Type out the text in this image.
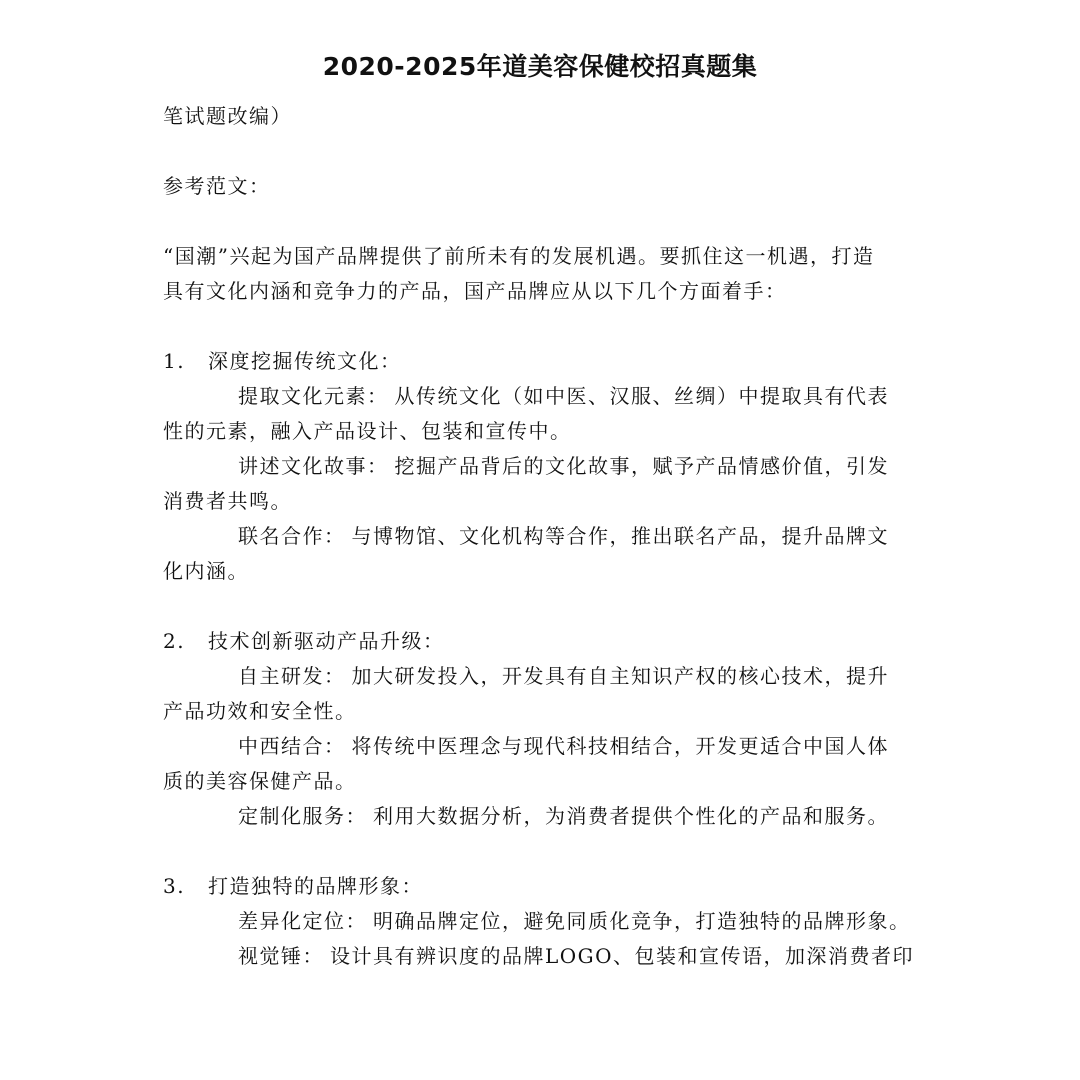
2020-2025年道美容保健校招真题集
笔试题改编）
参考范文：
“国潮”兴起为国产品牌提供了前所未有的发展机遇。要抓住这一机遇，打造
具有文化内涵和竞争力的产品，国产品牌应从以下几个方面着手：
1. 深度挖掘传统文化：
提取文化元素： 从传统文化（如中医、汉服、丝绸）中提取具有代表
性的元素，融入产品设计、包装和宣传中。
讲述文化故事： 挖掘产品背后的文化故事，赋予产品情感价值，引发
消费者共鸣。
联名合作： 与博物馆、文化机构等合作，推出联名产品，提升品牌文
化内涵。
2. 技术创新驱动产品升级：
自主研发： 加大研发投入，开发具有自主知识产权的核心技术，提升
产品功效和安全性。
中西结合： 将传统中医理念与现代科技相结合，开发更适合中国人体
质的美容保健产品。
定制化服务： 利用大数据分析，为消费者提供个性化的产品和服务。
3. 打造独特的品牌形象：
差异化定位： 明确品牌定位，避免同质化竞争，打造独特的品牌形象。
视觉锤： 设计具有辨识度的品牌LOGO、包装和宣传语，加深消费者印
